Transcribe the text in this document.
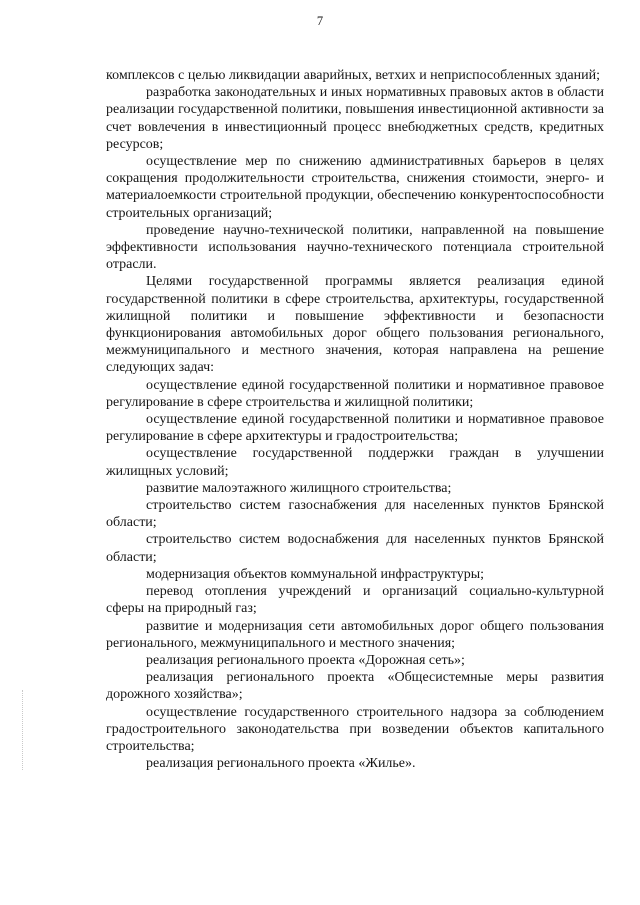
7

комплексов с целью ликвидации аварийных, ветхих и неприспособленных зданий;

разработка законодательных и иных нормативных правовых актов в области реализации государственной политики, повышения инвестиционной активности за счет вовлечения в инвестиционный процесс внебюджетных средств, кредитных ресурсов;

осуществление мер по снижению административных барьеров в целях сокращения продолжительности строительства, снижения стоимости, энерго- и материалоемкости строительной продукции, обеспечению конкурентоспособности строительных организаций;

проведение научно-технической политики, направленной на повышение эффективности использования научно-технического потенциала строительной отрасли.

Целями государственной программы является реализация единой государственной политики в сфере строительства, архитектуры, государственной жилищной политики и повышение эффективности и безопасности функционирования автомобильных дорог общего пользования регионального, межмуниципального и местного значения, которая направлена на решение следующих задач:

осуществление единой государственной политики и нормативное правовое регулирование в сфере строительства и жилищной политики;

осуществление единой государственной политики и нормативное правовое регулирование в сфере архитектуры и градостроительства;

осуществление государственной поддержки граждан в улучшении жилищных условий;

развитие малоэтажного жилищного строительства;

строительство систем газоснабжения для населенных пунктов Брянской области;

строительство систем водоснабжения для населенных пунктов Брянской области;

модернизация объектов коммунальной инфраструктуры;

перевод отопления учреждений и организаций социально-культурной сферы на природный газ;

развитие и модернизация сети автомобильных дорог общего пользования регионального, межмуниципального и местного значения;

реализация регионального проекта «Дорожная сеть»;

реализация регионального проекта «Общесистемные меры развития дорожного хозяйства»;

осуществление государственного строительного надзора за соблюдением градостроительного законодательства при возведении объектов капитального строительства;

реализация регионального проекта «Жилье».
